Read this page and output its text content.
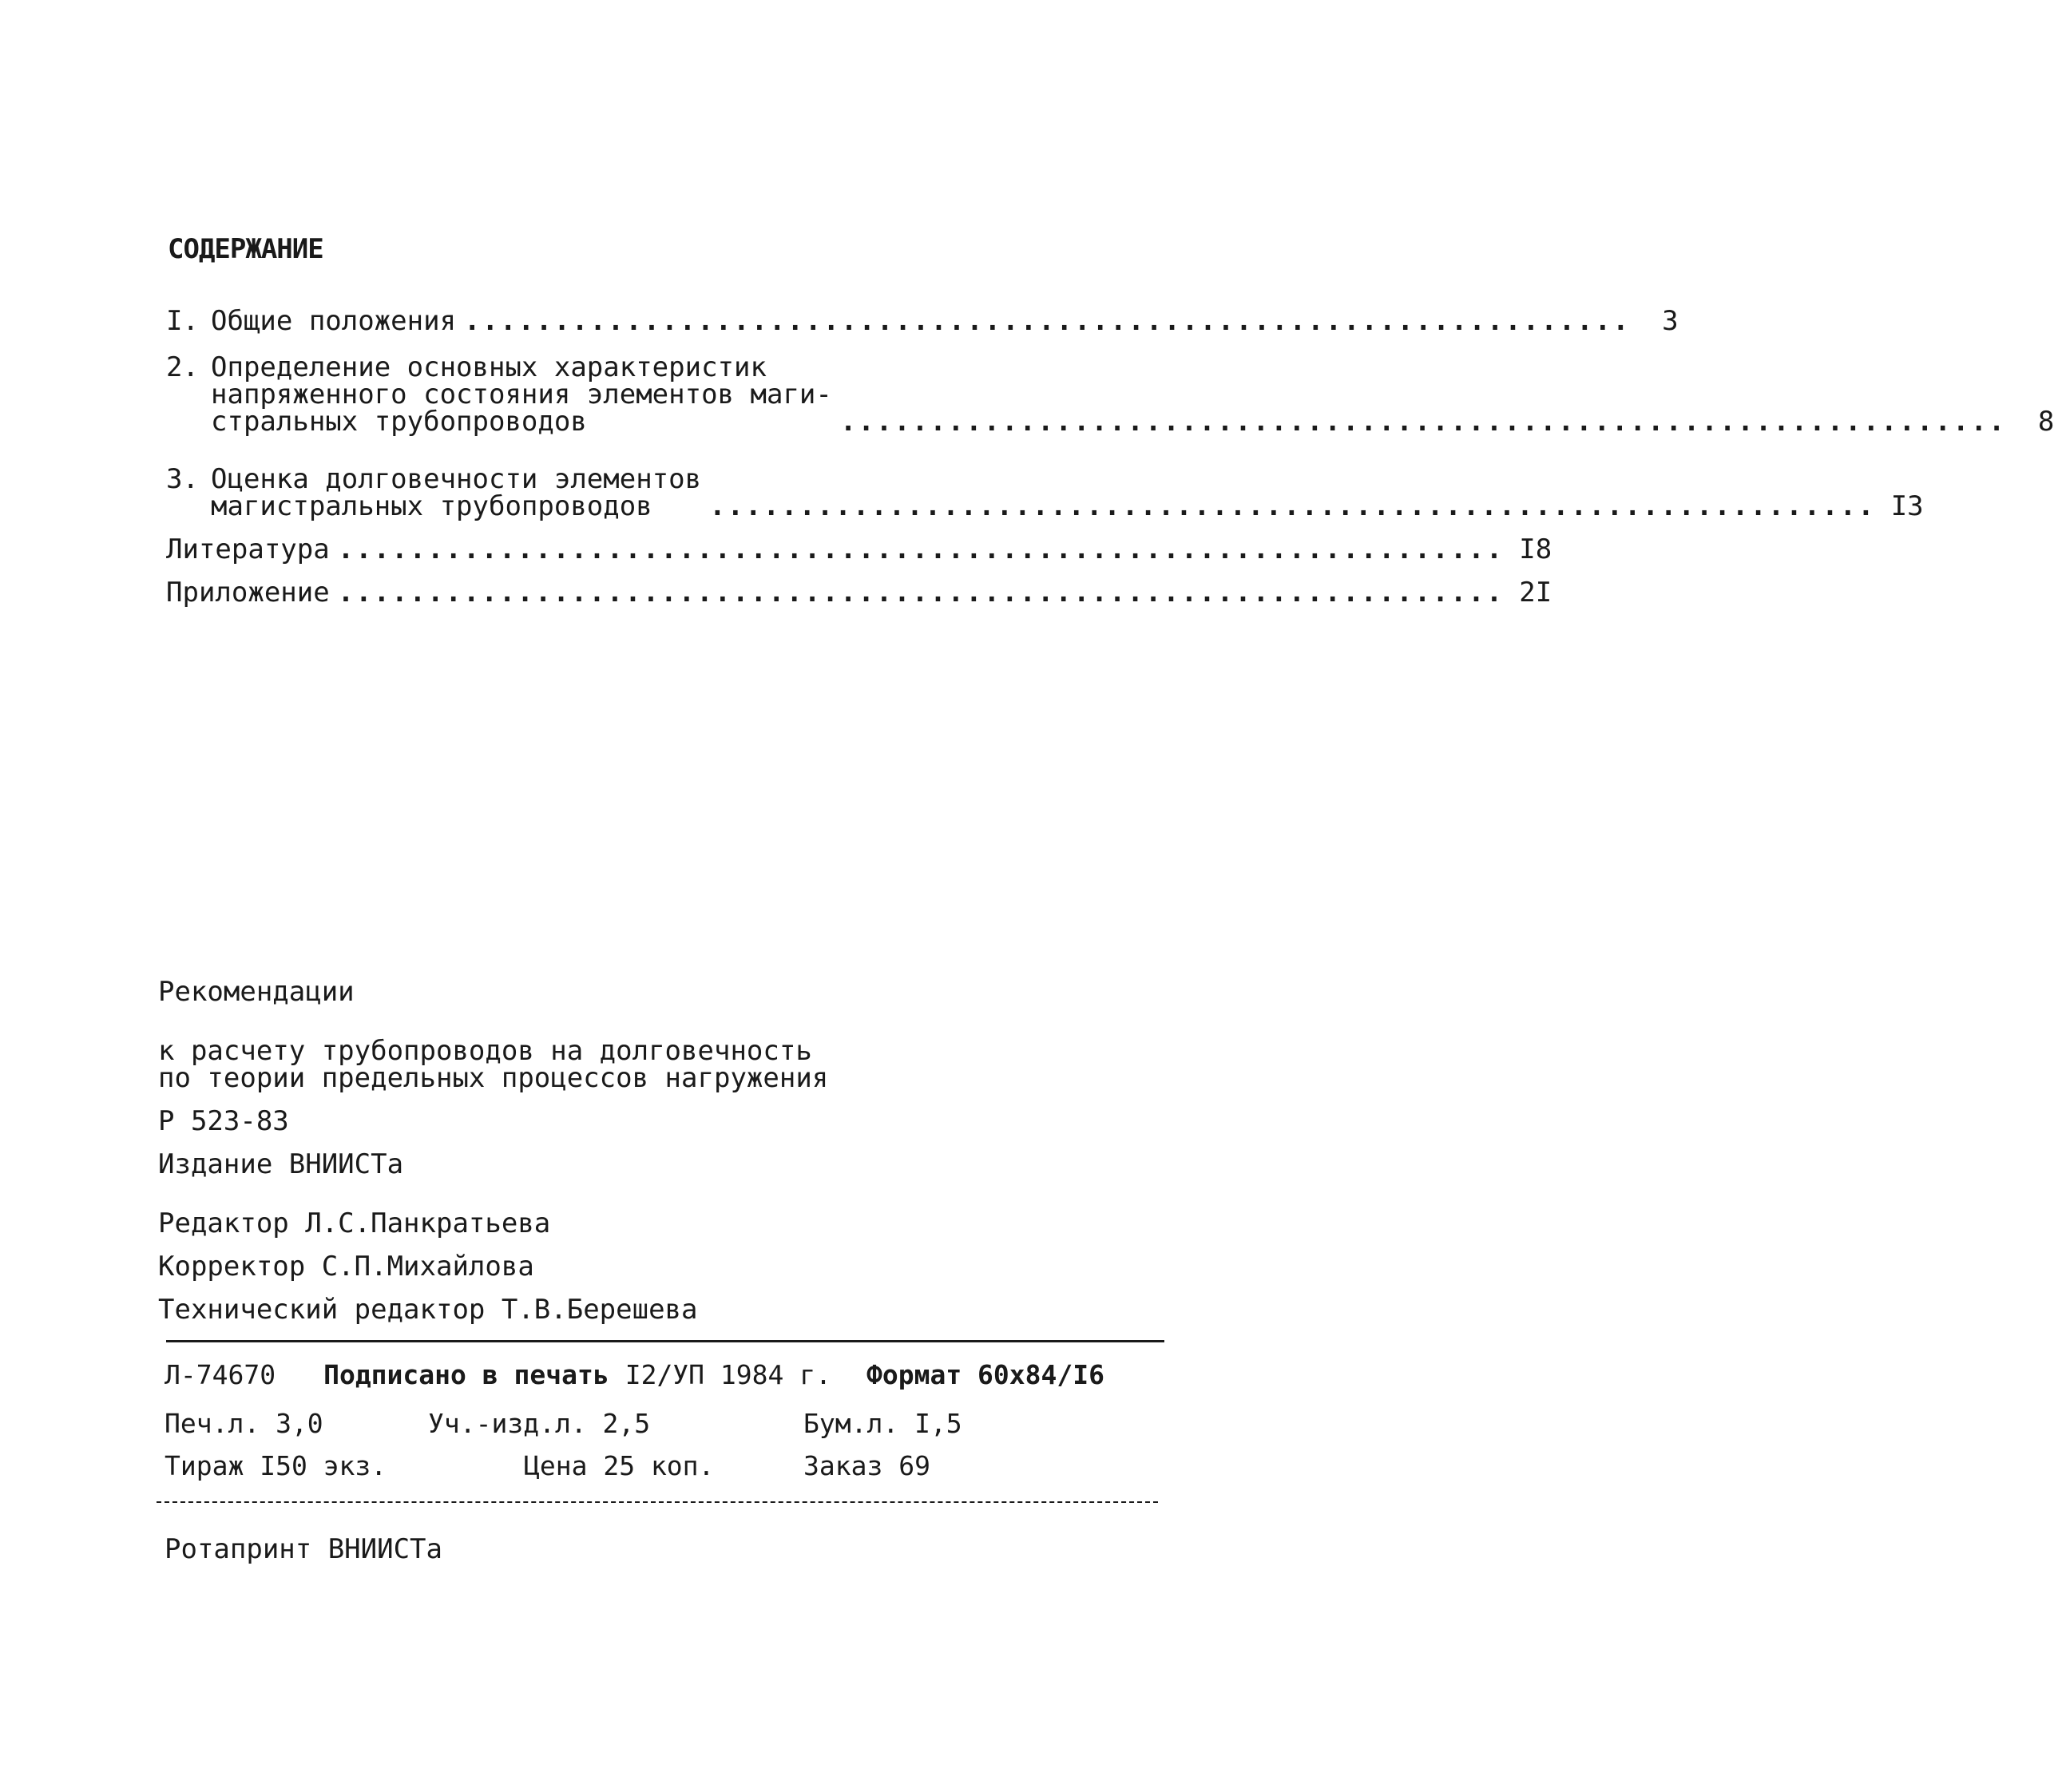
СОДЕРЖАНИЕ
I. Общие положения .................................................................	3
2. Определение основных характеристик
напряженного состояния элементов маги-
стральных трубопроводов	.................................................................	8
3. Оценка долговечности элементов
магистральных трубопроводов	................................................................. I3
Литература ................................................................. I8
Приложение ................................................................. 2I
Рекомендации
к расчету трубопроводов на долговечность
по теории предельных процессов нагружения
Р 523-83
Издание ВНИИСТа
Редактор Л.С.Панкратьева
Корректор С.П.Михайлова
Технический редактор Т.В.Берешева
Л-74670 Подписано в печать I2/УП 1984 г. Формат 60х84/I6
Печ.л. 3,0	Уч.-изд.л. 2,5	Бум.л. I,5
Тираж I50 экз.	Цена 25 коп.	Заказ 69
Ротапринт ВНИИСТа
